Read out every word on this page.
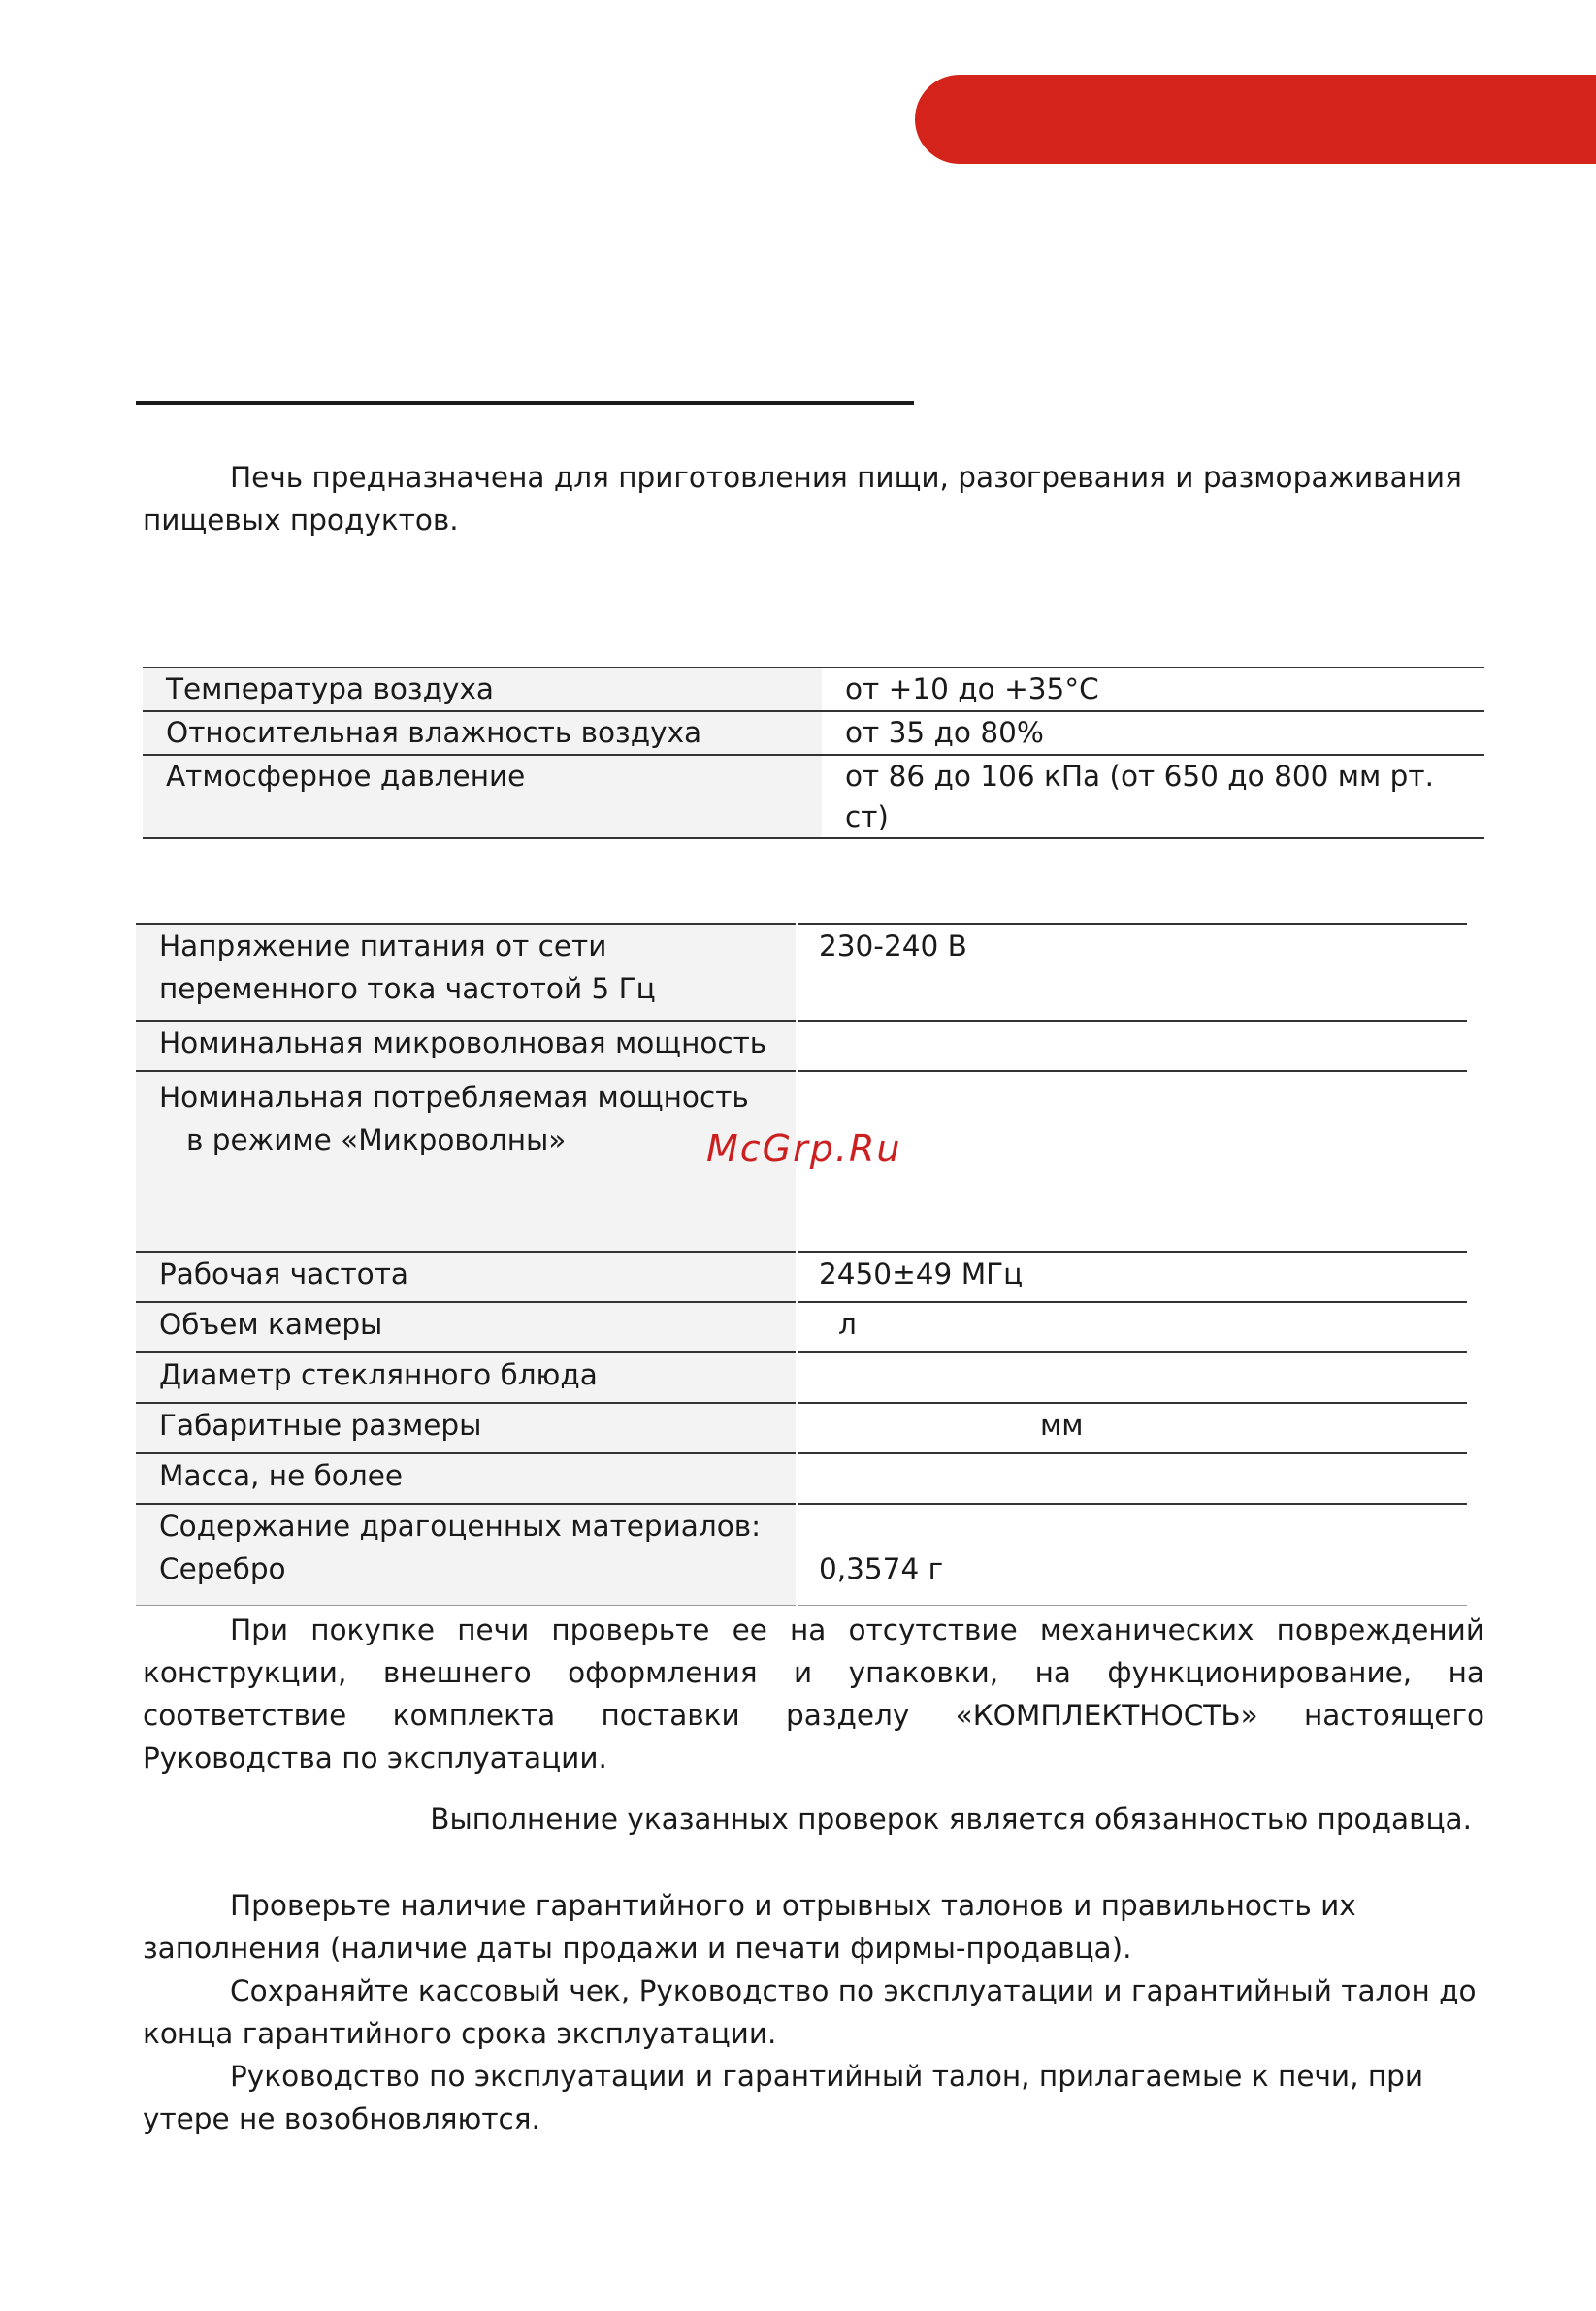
Печь предназначена для приготовления пищи, разогревания и размораживания пищевых продуктов.

Температура воздуха	от +10 до +35°С
Относительная влажность воздуха	от 35 до 80%
Атмосферное давление	от 86 до 106 кПа (от 650 до 800 мм рт. ст)
Напряжение питания от сети
переменного тока частотой 5 Гц	230-240 В
Номинальная микроволновая мощность	

Номинальная потребляемая мощность
в режиме «Микроволны»	

Рабочая частота	2450±49 МГц
Объем камеры	л
Диаметр стеклянного блюда	
Габаритные размеры	мм
Масса, не более	

Содержание драгоценных материалов:
Серебро	0,3574 г
McGrp.Ru

При покупке печи проверьте ее на отсутствие механических повреждений конструкции, внешнего оформления и упаковки, на функционирование, на соответствие комплекта поставки разделу «КОМПЛЕКТНОСТЬ» настоящего Руководства по эксплуатации.

Выполнение указанных проверок является обязанностью продавца.

Проверьте наличие гарантийного и отрывных талонов и правильность их заполнения (наличие даты продажи и печати фирмы-продавца).

Сохраняйте кассовый чек, Руководство по эксплуатации и гарантийный талон до конца гарантийного срока эксплуатации.

Руководство по эксплуатации и гарантийный талон, прилагаемые к печи, при утере не возобновляются.
